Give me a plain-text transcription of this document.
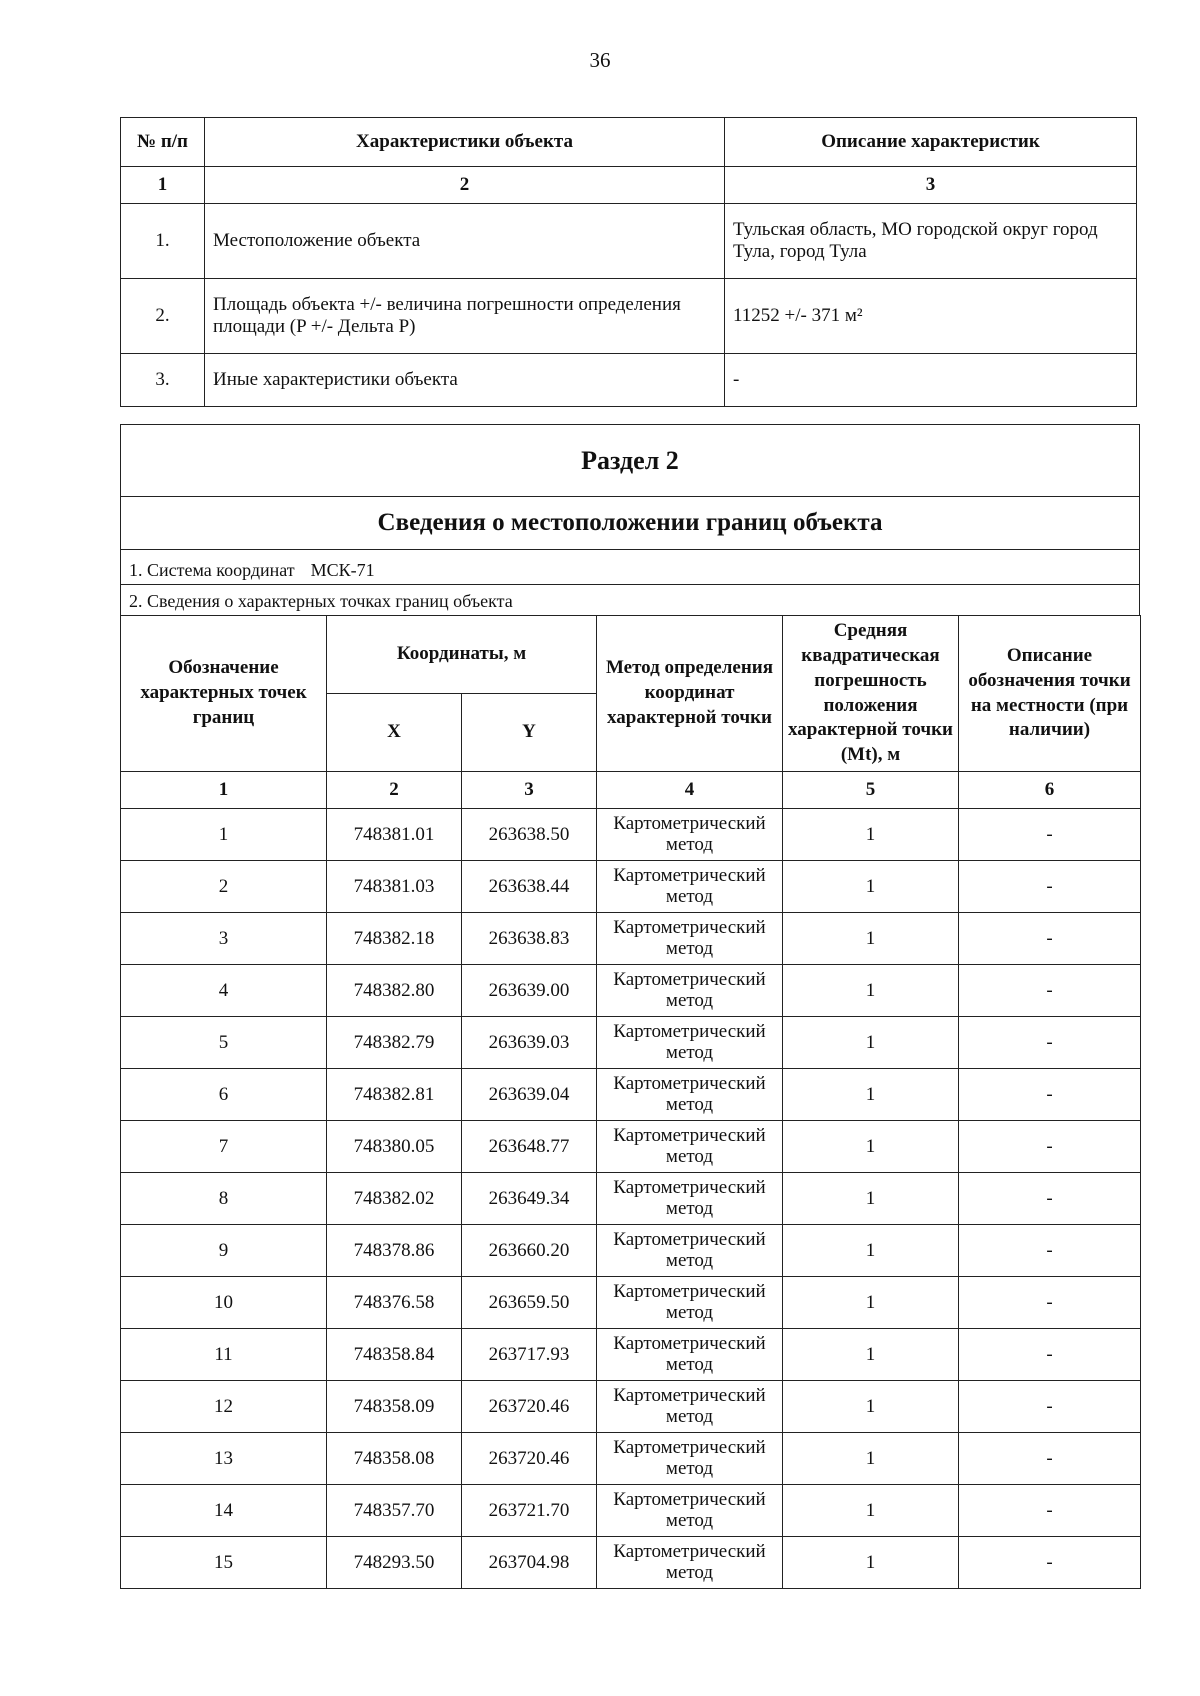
36
№ п/п	Характеристики объекта	Описание характеристик
1	2	3
1.	Местоположение объекта	Тульская область, МО городской округ город Тула, город Тула
2.	Площадь объекта +/- величина погрешности определения площади (P +/- Дельта P)	11252 +/- 371 м²
3.	Иные характеристики объекта	-
Раздел 2
Сведения о местоположении границ объекта
1. Система координат МСК-71
2. Сведения о характерных точках границ объекта
Обозначение характерных точек границ	Координаты, м		Метод определения координат характерной точки	Средняя квадратическая погрешность положения характерной точки (Mt), м	Описание обозначения точки на местности (при наличии)
	X	Y			
1	2	3	4	5	6
1	748381.01	263638.50	Картометрический метод	1	-
2	748381.03	263638.44	Картометрический метод	1	-
3	748382.18	263638.83	Картометрический метод	1	-
4	748382.80	263639.00	Картометрический метод	1	-
5	748382.79	263639.03	Картометрический метод	1	-
6	748382.81	263639.04	Картометрический метод	1	-
7	748380.05	263648.77	Картометрический метод	1	-
8	748382.02	263649.34	Картометрический метод	1	-
9	748378.86	263660.20	Картометрический метод	1	-
10	748376.58	263659.50	Картометрический метод	1	-
11	748358.84	263717.93	Картометрический метод	1	-
12	748358.09	263720.46	Картометрический метод	1	-
13	748358.08	263720.46	Картометрический метод	1	-
14	748357.70	263721.70	Картометрический метод	1	-
15	748293.50	263704.98	Картометрический метод	1	-
